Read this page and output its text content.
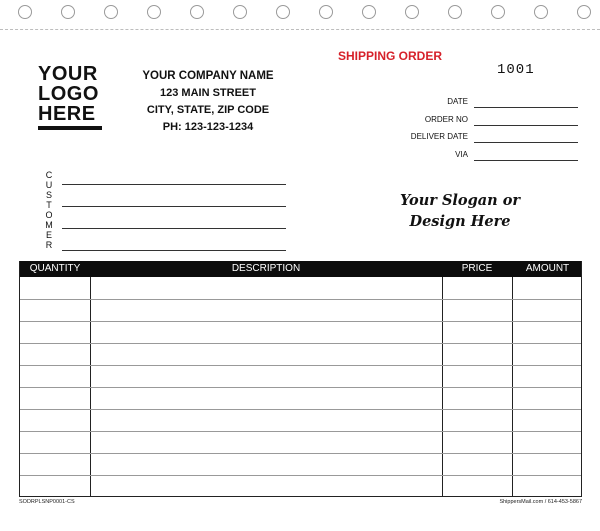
YOUR
LOGO
HERE
YOUR COMPANY NAME
123 MAIN STREET
CITY, STATE, ZIP CODE
PH: 123-123-1234
SHIPPING ORDER
1001
DATE
ORDER NO
DELIVER DATE
VIA
C
U
S
T
O
M
E
R
Your Slogan or
Design Here
QUANTITY	DESCRIPTION	PRICE	AMOUNT
SODRPLSNP0001-CS	ShippersMail.com / 614-453-5867
